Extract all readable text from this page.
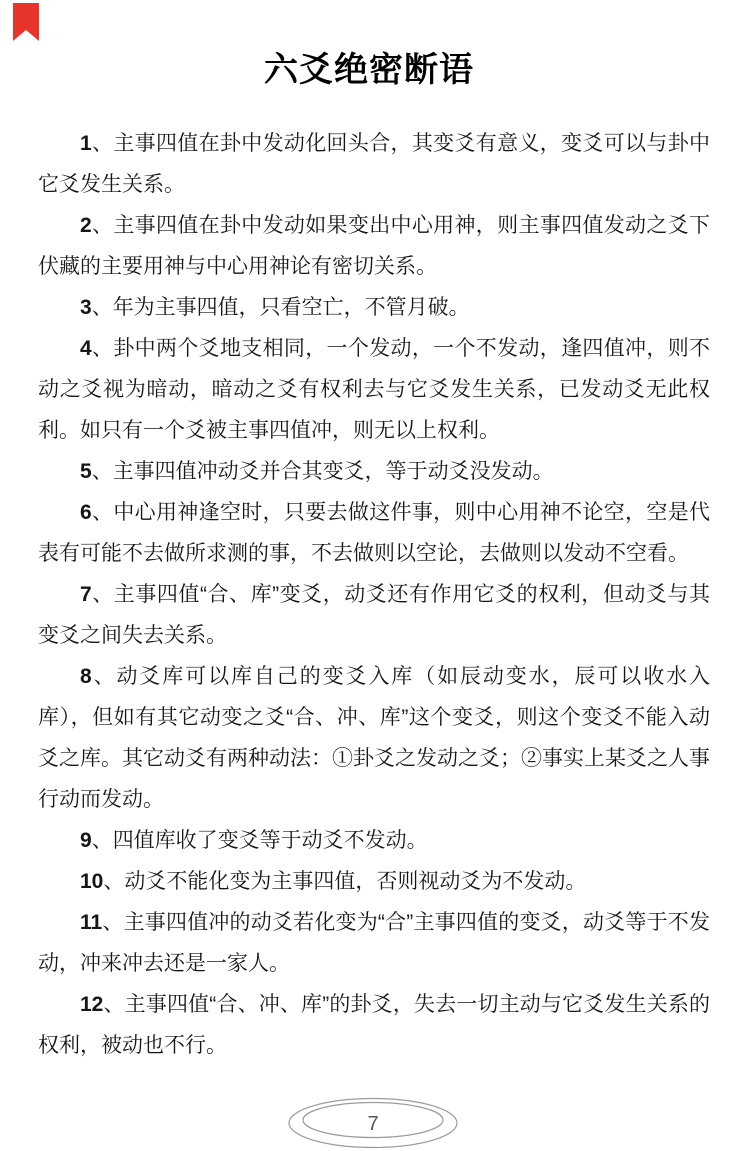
六爻绝密断语

1、主事四值在卦中发动化回头合，其变爻有意义，变爻可以与卦中它爻发生关系。

2、主事四值在卦中发动如果变出中心用神，则主事四值发动之爻下伏藏的主要用神与中心用神论有密切关系。

3、年为主事四值，只看空亡，不管月破。

4、卦中两个爻地支相同，一个发动，一个不发动，逢四值冲，则不动之爻视为暗动，暗动之爻有权利去与它爻发生关系，已发动爻无此权利。如只有一个爻被主事四值冲，则无以上权利。

5、主事四值冲动爻并合其变爻，等于动爻没发动。

6、中心用神逢空时，只要去做这件事，则中心用神不论空，空是代表有可能不去做所求测的事，不去做则以空论，去做则以发动不空看。

7、主事四值“合、库”变爻，动爻还有作用它爻的权利，但动爻与其变爻之间失去关系。

8、动爻库可以库自己的变爻入库（如辰动变水，辰可以收水入库），但如有其它动变之爻“合、冲、库”这个变爻，则这个变爻不能入动爻之库。其它动爻有两种动法：①卦爻之发动之爻；②事实上某爻之人事行动而发动。

9、四值库收了变爻等于动爻不发动。

10、动爻不能化变为主事四值，否则视动爻为不发动。

11、主事四值冲的动爻若化变为“合”主事四值的变爻，动爻等于不发动，冲来冲去还是一家人。

12、主事四值“合、冲、库”的卦爻，失去一切主动与它爻发生关系的权利，被动也不行。

7
